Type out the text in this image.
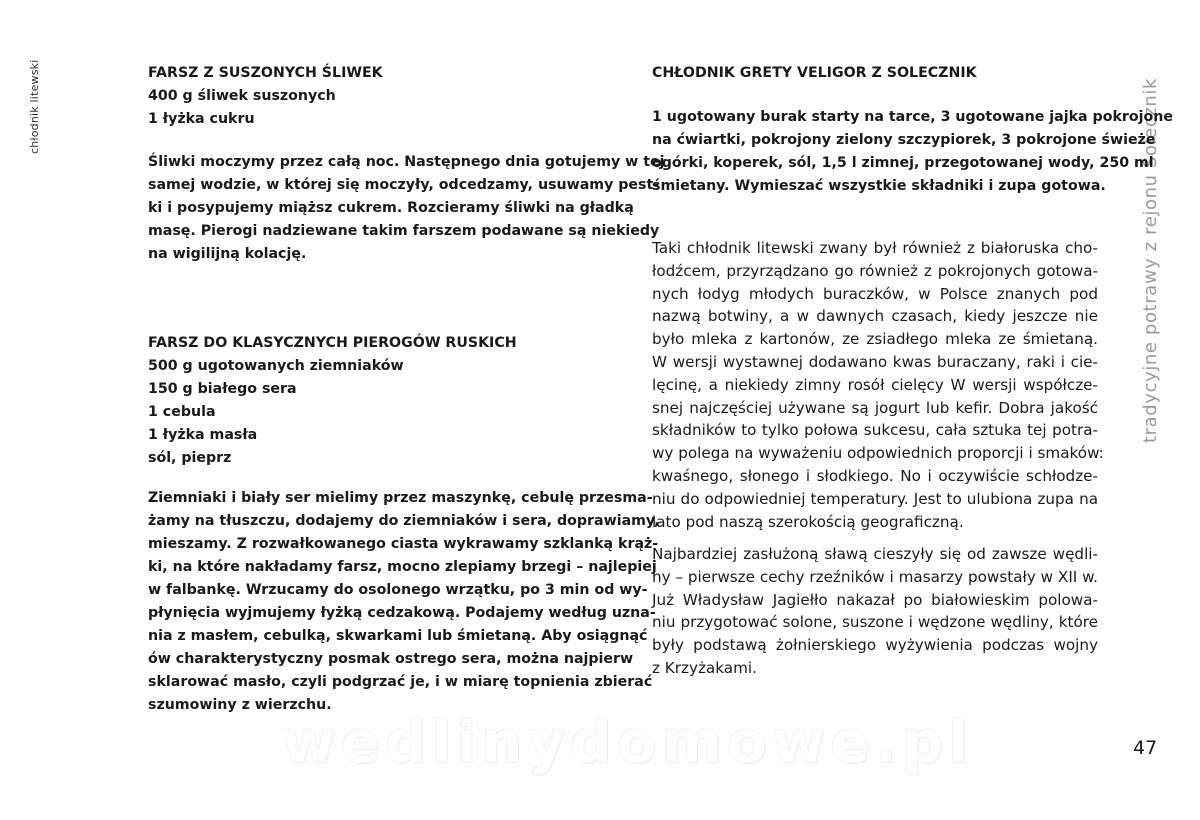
chłodnik litewski	tradycyjne potrawy z rejonu Solecznik
FARSZ Z SUSZONYCH ŚLIWEK
400 g śliwek suszonych
1 łyżka cukru
Śliwki moczymy przez całą noc. Następnego dnia gotujemy w tej
samej wodzie, w której się moczyły, odcedzamy, usuwamy pest-
ki i posypujemy miąższ cukrem. Rozcieramy śliwki na gładką
masę. Pierogi nadziewane takim farszem podawane są niekiedy
na wigilijną kolację.
FARSZ DO KLASYCZNYCH PIEROGÓW RUSKICH
500 g ugotowanych ziemniaków
150 g białego sera
1 cebula
1 łyżka masła
sól, pieprz
Ziemniaki i biały ser mielimy przez maszynkę, cebulę przesma-
żamy na tłuszczu, dodajemy do ziemniaków i sera, doprawiamy,
mieszamy. Z rozwałkowanego ciasta wykrawamy szklanką krąż-
ki, na które nakładamy farsz, mocno zlepiamy brzegi – najlepiej
w falbankę. Wrzucamy do osolonego wrzątku, po 3 min od wy-
płynięcia wyjmujemy łyżką cedzakową. Podajemy według uzna-
nia z masłem, cebulką, skwarkami lub śmietaną. Aby osiągnąć
ów charakterystyczny posmak ostrego sera, można najpierw
sklarować masło, czyli podgrzać je, i w miarę topnienia zbierać
szumowiny z wierzchu.
CHŁODNIK GRETY VELIGOR Z SOLECZNIK
1 ugotowany burak starty na tarce, 3 ugotowane jajka pokrojone
na ćwiartki, pokrojony zielony szczypiorek, 3 pokrojone świeże
ogórki, koperek, sól, 1,5 l zimnej, przegotowanej wody, 250 ml
śmietany. Wymieszać wszystkie składniki i zupa gotowa.
Taki chłodnik litewski zwany był również z białoruska cho-
łodźcem, przyrządzano go również z pokrojonych gotowa-
nych łodyg młodych buraczków, w Polsce znanych pod
nazwą botwiny, a w dawnych czasach, kiedy jeszcze nie
było mleka z kartonów, ze zsiadłego mleka ze śmietaną.
W wersji wystawnej dodawano kwas buraczany, raki i cie-
lęcinę, a niekiedy zimny rosół cielęcy W wersji współcze-
snej najczęściej używane są jogurt lub kefir. Dobra jakość
składników to tylko połowa sukcesu, cała sztuka tej potra-
wy polega na wyważeniu odpowiednich proporcji i smaków:
kwaśnego, słonego i słodkiego. No i oczywiście schłodze-
niu do odpowiedniej temperatury. Jest to ulubiona zupa na
lato pod naszą szerokością geograficzną.
Najbardziej zasłużoną sławą cieszyły się od zawsze wędli-
ny – pierwsze cechy rzeźników i masarzy powstały w XII w.
Już Władysław Jagiełło nakazał po białowieskim polowa-
niu przygotować solone, suszone i wędzone wędliny, które
były podstawą żołnierskiego wyżywienia podczas wojny
z Krzyżakami.
wedlinydomowe.pl	47
